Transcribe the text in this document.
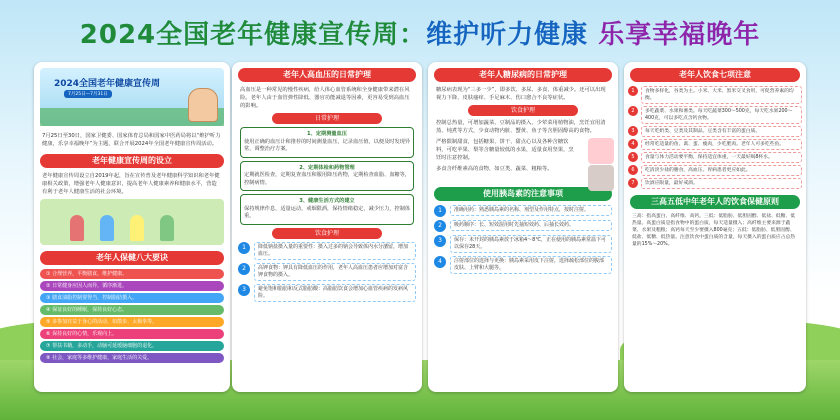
2024全国老年健康宣传周：维护听力健康 乐享幸福晚年
2024全国老年健康宣传周
7月25日—7月31日
7月25日至30日，国家卫健委、国家体育总局和国家中医药局将以“维护听力健康，乐享幸福晚年”为主题，联合开展2024年全国老年健康宣传周活动。
老年健康宣传周的设立
老年健康宣传周设立自2019年起，旨在宣传普及老年健康科学知识和老年健康相关政策，增强老年人健康意识，提高老年人健康素养和健康水平，营造有利于老年人健康生活的社会环境。
老年人保健八大要诀
① 合理营养，平衡膳食，维护健康。
② 日常健身应因人而异，循序渐进。
③ 膳食油脂控制要得当，控制脂肪摄入。
④ 保证良好的睡眠，保持良好心态。
⑤ 多参加有益于身心的活动，如散步、太极拳等。
⑥ 保持良好的心情，乐观向上。
⑦ 帮扶书籍，多动手，动脑可延缓脑细胞的退化。
⑧ 社会，家庭等多维护健康，家庭生活的关爱。
老年人高血压的日常护理
高血压是一种常见的慢性疾病，给人体心血管系统和全身健康带来潜在风险。老年人由于血管弹性降低、器官功能减退等因素，更容易受到高血压的影响。
日常护理
1、定期测量血压
使用正确的血压计和推荐的时间测量血压，记录血压值，以便及时发现异常，调整治疗方案。
2、定期体检和药物管理
定期就医检查，定期复查血压和服用降压药物，定期检查血脂、血糖等，控制病情。
3、健康生活方式的建立
保持规律作息，适量运动，戒烟限酒，保持情绪稳定，减少压力，控制体重。
饮食护理
1	降低钠盐摄入量的重要性：摄入过多的钠会导致体内水分潴留，增加血压。
2	高钾食物：钾具有降低血压的作用，老年人高血压患者应增加对富含钾食物的摄入。
3	避免饱和脂肪和反式脂肪酸：高脂肪饮食会增加心血管疾病的发病风险。
老年人糖尿病的日常护理
糖尿病表现为“三多一少”，即多饮、多尿、多食、体重减少。还可以出现视力下降、皮肤瘙痒、手足麻木、伤口愈合不良等症状。
饮食护理
控制总热量，可增加蔬菜、豆制品的摄入，少荤菜用植物油，烹饪宜用清蒸、炖煮等方式，少食动物内脏、蟹黄、鱼子等含胆固醇高的食物。
严格限制甜食，包括糖果、饼干、甜点心以及各种含糖饮料，可吃苹果、梨等含糖量较低的水果，适量食用坚果，烹饪时注意控制。
多食含纤维素高的食物，如豆类、蔬菜、粗粮等。
使用胰岛素的注意事项
1	准确用药：熟悉胰岛素的名称、剂型及作用特点，按时注射。
2	吸药顺序：长、短效混用时先抽短效药、后抽长效药。
3	保存：未开封的胰岛素放于冰箱4～8℃，正在使用的胰岛素常温下可以保存28天。
4	注射部位的选择与更换：胰岛素采用皮下注射，选择疏松部位的腹部皮肤、上臂和大腿等。
老年人饮食七项注意
1	食物多样化，谷类为主。小米、大米、黑米交叉食用，可促营养素的均衡。
2	多吃蔬菜、水果和薯类。每天吃蔬菜300～500克，每天吃水果200～400克，可以多吃点含钙食物。
3	每天吃奶类、豆类及其制品。豆类含有丰富的蛋白质。
4	经常吃适量的鱼、禽、蛋、瘦肉，少吃肥肉。老年人可多吃些鱼。
5	食量与体力活动要平衡，保持适宜体重，一天最好喝8杯水。
6	吃清淡少盐的膳食，高血压、胃病患者更应如此。
7	饮酒应限量，最好戒酒。
三高五低中年老年人的饮食保健原则
三高：指高蛋白、高纤维、高钙。三低：低脂肪、低胆固醇、低盐、低糖、低热量。高蛋白质是指食物中的蛋白质，每天适量摄入；高纤维主要来源于蔬菜、水果及粗粮；高钙每天至少要摄入800毫克；五低：低脂肪、低胆固醇、低盐、低糖、低热量。注意饮食中蛋白质的含量，每天摄入的蛋白质应占总热量的15%～20%。
